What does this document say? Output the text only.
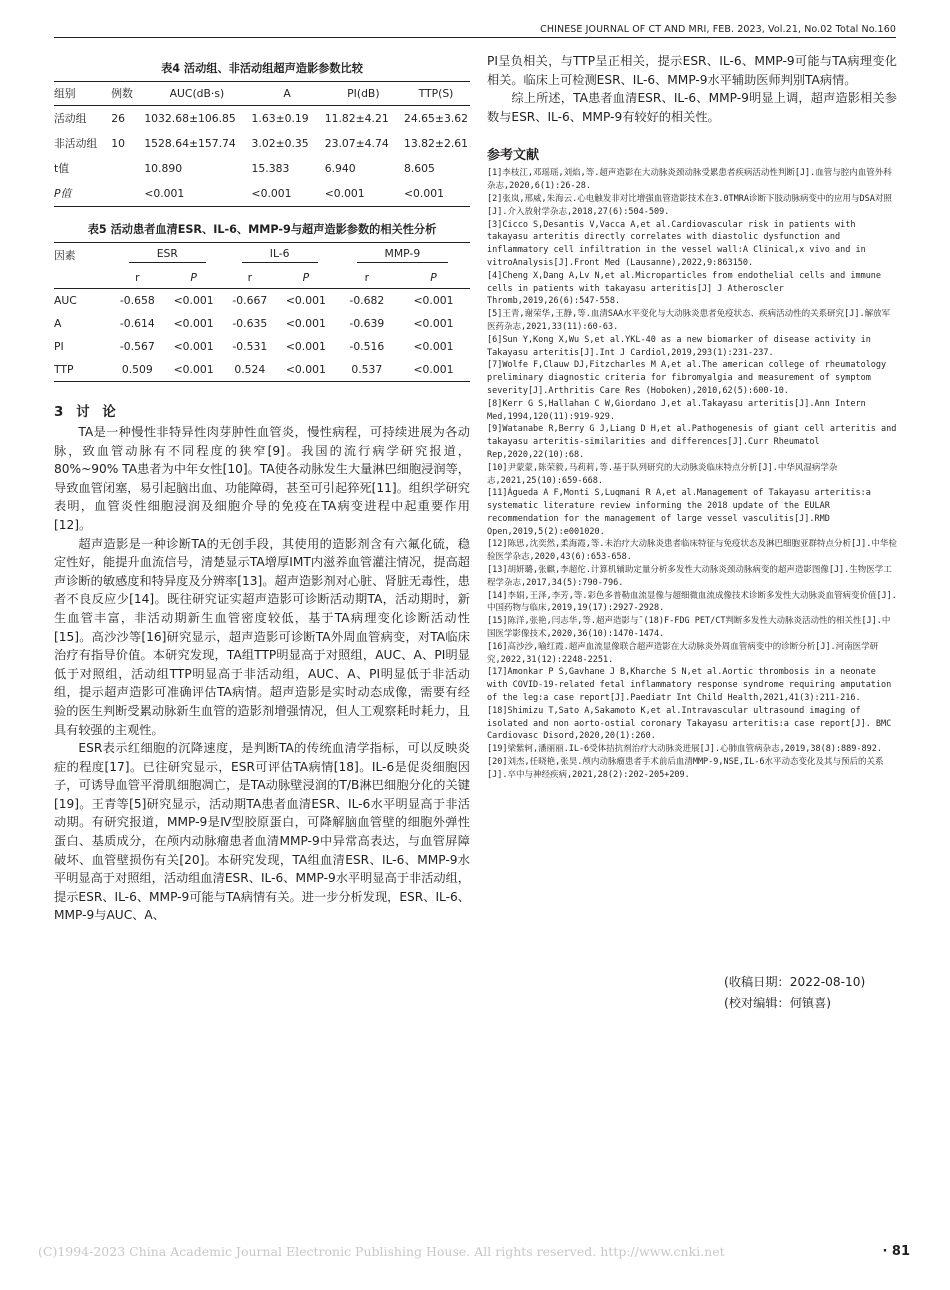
CHINESE JOURNAL OF CT AND MRI, FEB. 2023, Vol.21, No.02 Total No.160
表4 活动组、非活动组超声造影参数比较
组别	例数	AUC(dB·s)	A	PI(dB)	TTP(S)
活动组	26	1032.68±106.85	1.63±0.19	11.82±4.21	24.65±3.62
非活动组	10	1528.64±157.74	3.02±0.35	23.07±4.74	13.82±2.61
t值		10.890	15.383	6.940	8.605
P值		<0.001	<0.001	<0.001	<0.001
表5 活动患者血清ESR、IL-6、MMP-9与超声造影参数的相关性分析
因素	ESR		IL-6		MMP-9	
	r	P	r	P	r	P
AUC	-0.658	<0.001	-0.667	<0.001	-0.682	<0.001
A	-0.614	<0.001	-0.635	<0.001	-0.639	<0.001
PI	-0.567	<0.001	-0.531	<0.001	-0.516	<0.001
TTP	0.509	<0.001	0.524	<0.001	0.537	<0.001
3 讨 论

TA是一种慢性非特异性肉芽肿性血管炎，慢性病程，可持续进展为各动脉，致血管动脉有不同程度的狭窄[9]。我国的流行病学研究报道，80%~90% TA患者为中年女性[10]。TA使各动脉发生大量淋巴细胞浸润等，导致血管闭塞，易引起脑出血、功能障碍，甚至可引起猝死[11]。组织学研究表明，血管炎性细胞浸润及细胞介导的免疫在TA病变进程中起重要作用[12]。

超声造影是一种诊断TA的无创手段，其使用的造影剂含有六氟化硫，稳定性好，能提升血流信号，清楚显示TA增厚IMT内滋养血管灌注情况，提高超声诊断的敏感度和特异度及分辨率[13]。超声造影剂对心脏、肾脏无毒性，患者不良反应少[14]。既往研究证实超声造影可诊断活动期TA，活动期时，新生血管丰富，非活动期新生血管密度较低，基于TA病理变化诊断活动性[15]。高沙沙等[16]研究显示，超声造影可诊断TA外周血管病变，对TA临床治疗有指导价值。本研究发现，TA组TTP明显高于对照组，AUC、A、PI明显低于对照组，活动组TTP明显高于非活动组，AUC、A、PI明显低于非活动组，提示超声造影可准确评估TA病情。超声造影是实时动态成像，需要有经验的医生判断受累动脉新生血管的造影剂增强情况，但人工观察耗时耗力，且具有较强的主观性。

ESR表示红细胞的沉降速度，是判断TA的传统血清学指标，可以反映炎症的程度[17]。已往研究显示，ESR可评估TA病情[18]。IL-6是促炎细胞因子，可诱导血管平滑肌细胞凋亡，是TA动脉壁浸润的T/B淋巴细胞分化的关键[19]。王青等[5]研究显示，活动期TA患者血清ESR、IL-6水平明显高于非活动期。有研究报道，MMP-9是Ⅳ型胶原蛋白，可降解脑血管壁的细胞外弹性蛋白、基质成分，在颅内动脉瘤患者血清MMP-9中异常高表达，与血管屏障破坏、血管壁损伤有关[20]。本研究发现，TA组血清ESR、IL-6、MMP-9水平明显高于对照组，活动组血清ESR、IL-6、MMP-9水平明显高于非活动组，提示ESR、IL-6、MMP-9可能与TA病情有关。进一步分析发现，ESR、IL-6、MMP-9与AUC、A、

PI呈负相关，与TTP呈正相关，提示ESR、IL-6、MMP-9可能与TA病理变化相关。临床上可检测ESR、IL-6、MMP-9水平辅助医师判别TA病情。

综上所述，TA患者血清ESR、IL-6、MMP-9明显上调，超声造影相关参数与ESR、IL-6、MMP-9有较好的相关性。

参考文献
[1]李枝江,邓瑶瑶,刘焰,等.超声造影在大动脉炎颈动脉受累患者疾病活动性判断[J].血管与腔内血管外科杂志,2020,6(1):26-28.
[2]张岚,邢威,朱海云.心电触发非对比增强血管造影技术在3.0TMRA诊断下肢动脉病变中的应用与DSA对照[J].介入放射学杂志,2018,27(6):504-509.
[3]Cicco S,Desantis V,Vacca A,et al.Cardiovascular risk in patients with takayasu arteritis directly correlates with diastolic dysfunction and inflammatory cell infiltration in the vessel wall:A Clinical,x vivo and in vitroAnalysis[J].Front Med (Lausanne),2022,9:863150.
[4]Cheng X,Dang A,Lv N,et al.Microparticles from endothelial cells and immune cells in patients with takayasu arteritis[J] J Atheroscler Thromb,2019,26(6):547-558.
[5]王青,谢荣华,王静,等.血清SAA水平变化与大动脉炎患者免疫状态、疾病活动性的关系研究[J].解放军医药杂志,2021,33(11):60-63.
[6]Sun Y,Kong X,Wu S,et al.YKL-40 as a new biomarker of disease activity in Takayasu arteritis[J].Int J Cardiol,2019,293(1):231-237.
[7]Wolfe F,Clauw DJ,Fitzcharles M A,et al.The american college of rheumatology preliminary diagnostic criteria for fibromyalgia and measurement of symptom severity[J].Arthritis Care Res (Hoboken),2010,62(5):600-10.
[8]Kerr G S,Hallahan C W,Giordano J,et al.Takayasu arteritis[J].Ann Intern Med,1994,120(11):919-929.
[9]Watanabe R,Berry G J,Liang D H,et al.Pathogenesis of giant cell arteritis and takayasu arteritis-similarities and differences[J].Curr Rheumatol Rep,2020,22(10):68.
[10]尹蒙蒙,陈荣毅,马莉莉,等.基于队列研究的大动脉炎临床特点分析[J].中华风湿病学杂志,2021,25(10):659-668.
[11]Águeda A F,Monti S,Luqmani R A,et al.Management of Takayasu arteritis:a systematic literature review informing the 2018 update of the EULAR recommendation for the management of large vessel vasculitis[J].RMD Open,2019,5(2):e001020.
[12]陈思,沈奕然,柔海霞,等.未治疗大动脉炎患者临床特征与免疫状态及淋巴细胞亚群特点分析[J].中华检验医学杂志,2020,43(6):653-658.
[13]胡妍璐,张麒,李超佗.计算机辅助定量分析多发性大动脉炎颈动脉病变的超声造影图像[J].生物医学工程学杂志,2017,34(5):790-796.
[14]李娟,王泽,李芳,等.彩色多普勒血流显像与超细微血流成像技术诊断多发性大动脉炎血管病变价值[J].中国药物与临床,2019,19(17):2927-2928.
[15]陈洋,张艳,闫志华,等.超声造影与¯(18)F-FDG PET/CT判断多发性大动脉炎活动性的相关性[J].中国医学影像技术,2020,36(10):1470-1474.
[16]高沙沙,喻红霞.超声血流显像联合超声造影在大动脉炎外周血管病变中的诊断分析[J].河南医学研究,2022,31(12):2248-2251.
[17]Amonkar P S,Gavhane J B,Kharche S N,et al.Aortic thrombosis in a neonate with COVID-19-related fetal inflammatory response syndrome requiring amputation of the leg:a case report[J].Paediatr Int Child Health,2021,41(3):211-216.
[18]Shimizu T,Sato A,Sakamoto K,et al.Intravascular ultrasound imaging of isolated and non aorto-ostial coronary Takayasu arteritis:a case report[J]. BMC Cardiovasc Disord,2020,20(1):260.
[19]梁紫轲,潘丽丽.IL-6受体拮抗剂治疗大动脉炎进展[J].心肺血管病杂志,2019,38(8):889-892.
[20]刘杰,任晓艳,张昊.颅内动脉瘤患者手术前后血清MMP-9,NSE,IL-6水平动态变化及其与预后的关系[J].卒中与神经疾病,2021,28(2):202-205+209.
(收稿日期：2022-08-10)
(校对编辑：何镇喜)
(C)1994-2023 China Academic Journal Electronic Publishing House. All rights reserved. http://www.cnki.net	· 81
